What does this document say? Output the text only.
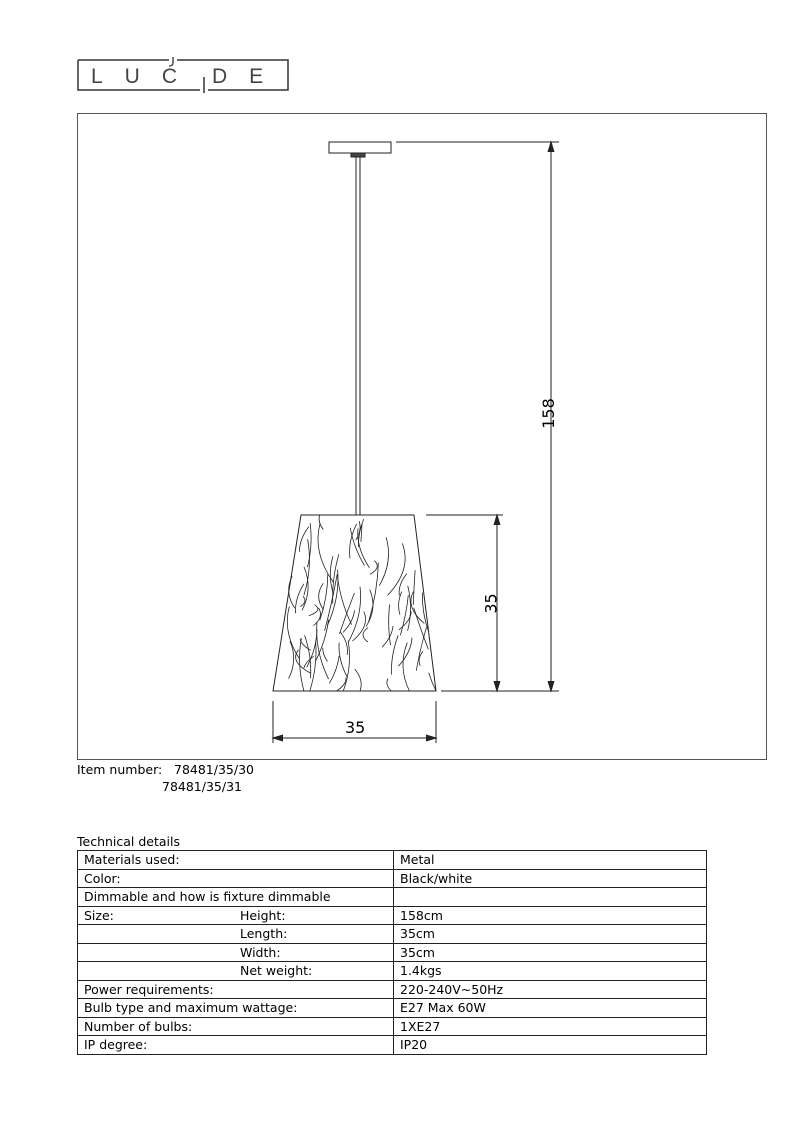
LUC DE
158
35
35
Item number: 78481/35/30
78481/35/31
Technical details
Materials used:	Metal
Color:	Black/white
Dimmable and how is fixture dimmable	
Size: Height:	158cm
Length:	35cm
Width:	35cm
Net weight:	1.4kgs
Power requirements:	220-240V~50Hz
Bulb type and maximum wattage:	E27 Max 60W
Number of bulbs:	1XE27
IP degree:	IP20
